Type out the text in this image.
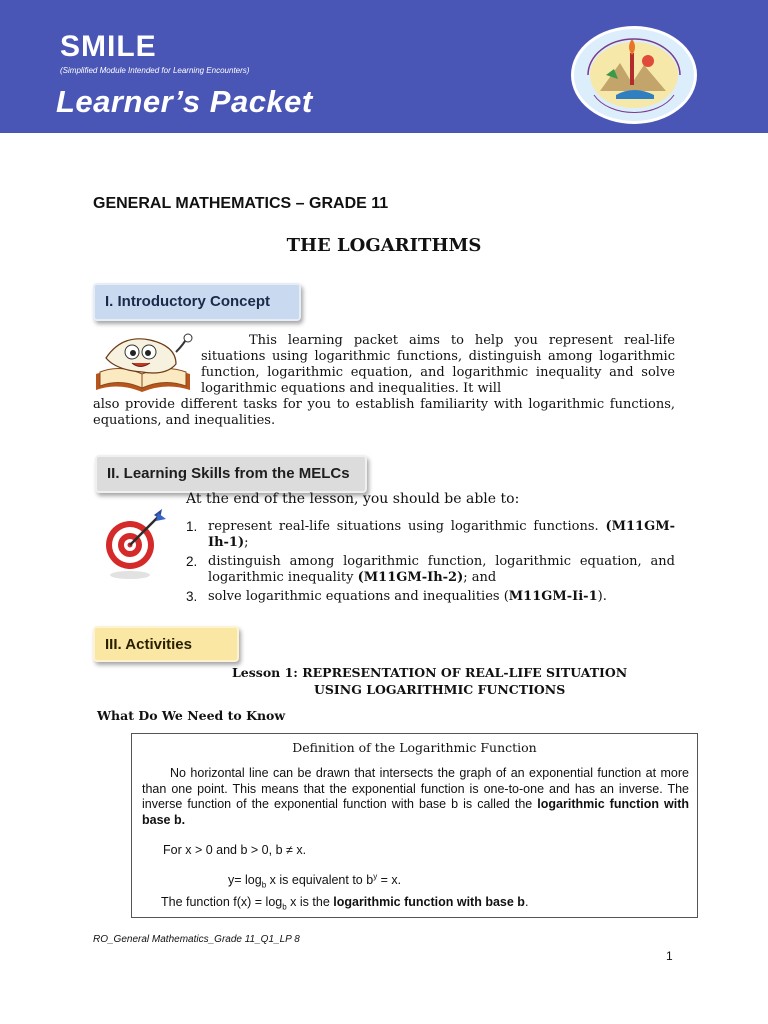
SMILE
(Simplified Module Intended for Learning Encounters)
Learner’s Packet
GENERAL MATHEMATICS – GRADE 11
THE LOGARITHMS
I. Introductory Concept
This learning packet aims to help you represent real-life situations using logarithmic functions, distinguish among logarithmic function, logarithmic equation, and logarithmic inequality and solve logarithmic equations and inequalities. It will
also provide different tasks for you to establish familiarity with logarithmic functions, equations, and inequalities.
II. Learning Skills from the MELCs
At the end of the lesson, you should be able to:
1. represent real-life situations using logarithmic functions. (M11GM-Ih-1);
2. distinguish among logarithmic function, logarithmic equation, and logarithmic inequality (M11GM-Ih-2); and
3. solve logarithmic equations and inequalities (M11GM-Ii-1).
III. Activities
Lesson 1: REPRESENTATION OF REAL-LIFE SITUATION
USING LOGARITHMIC FUNCTIONS
What Do We Need to Know
Definition of the Logarithmic Function
No horizontal line can be drawn that intersects the graph of an exponential function at more than one point. This means that the exponential function is one-to-one and has an inverse. The inverse function of the exponential function with base b is called the logarithmic function with base b.
For x > 0 and b > 0, b ≠ x.
$y= \log_b x$ is equivalent to $b^y = x$.
The function $f(x) = \log_b x$ is the logarithmic function with base b.
RO_General Mathematics_Grade 11_Q1_LP 8
1
